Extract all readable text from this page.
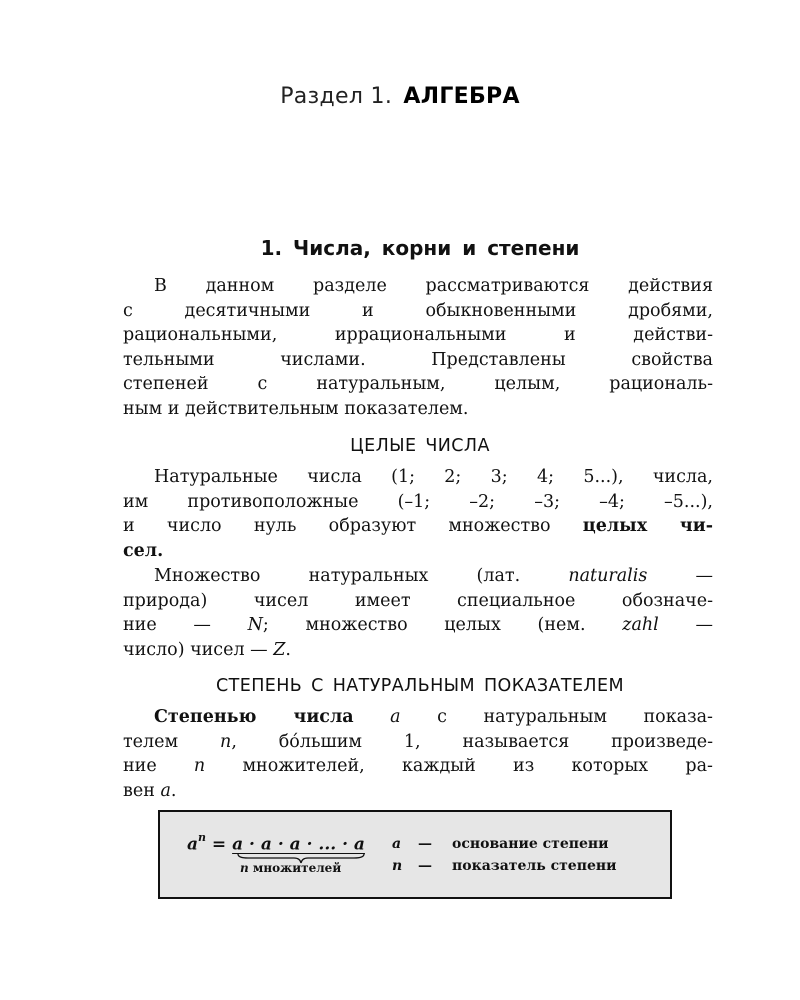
Раздел 1. АЛГЕБРА
1. Числа, корни и степени
В данном разделе рассматриваются действия
с десятичными и обыкновенными дробями,
рациональными, иррациональными и действи-
тельными числами. Представлены свойства
степеней с натуральным, целым, рациональ-
ным и действительным показателем.
ЦЕЛЫЕ ЧИСЛА
Натуральные числа (1; 2; 3; 4; 5...), числа,
им противоположные (–1; –2; –3; –4; –5...),
и число нуль образуют множество целых чи-
сел.
Множество натуральных (лат.	naturalis	—
природа) чисел имеет специальное обозначе-
ние — N; множество целых (нем. zahl —
число) чисел — Z.
СТЕПЕНЬ С НАТУРАЛЬНЫМ ПОКАЗАТЕЛЕМ
Степенью числа a с натуральным показа-
телем n, бóльшим 1, называется произведе-
ние n множителей, каждый из которых ра-
вен a.
$a^n = a \cdot a \cdot a$ · ... · a
n множителей
a — основание степени
n — показатель степени
